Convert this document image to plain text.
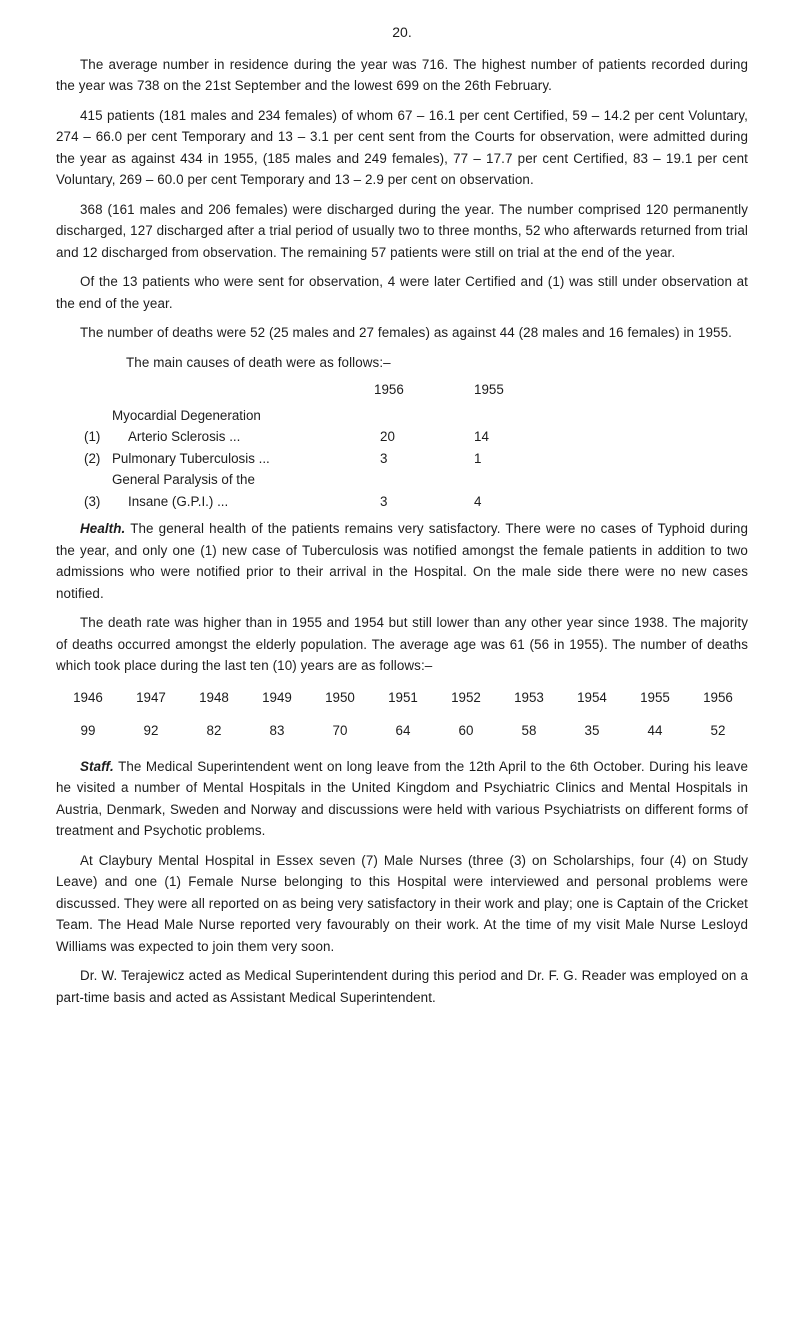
20.

The average number in residence during the year was 716. The highest number of patients recorded during the year was 738 on the 21st September and the lowest 699 on the 26th February.

415 patients (181 males and 234 females) of whom 67 – 16.1 per cent Certified, 59 – 14.2 per cent Voluntary, 274 – 66.0 per cent Temporary and 13 – 3.1 per cent sent from the Courts for observation, were admitted during the year as against 434 in 1955, (185 males and 249 females), 77 – 17.7 per cent Certified, 83 – 19.1 per cent Voluntary, 269 – 60.0 per cent Temporary and 13 – 2.9 per cent on observation.

368 (161 males and 206 females) were discharged during the year. The number comprised 120 permanently discharged, 127 discharged after a trial period of usually two to three months, 52 who afterwards returned from trial and 12 discharged from observation. The remaining 57 patients were still on trial at the end of the year.

Of the 13 patients who were sent for observation, 4 were later Certified and (1) was still under observation at the end of the year.

The number of deaths were 52 (25 males and 27 females) as against 44 (28 males and 16 females) in 1955.

The main causes of death were as follows:–

1956	1955
(1)
Myocardial Degeneration
Arterio Sclerosis ...	20	14
(2) Pulmonary Tuberculosis ...	3	1
(3)
General Paralysis of the
Insane (G.P.I.) ...	3	4

Health. The general health of the patients remains very satisfactory. There were no cases of Typhoid during the year, and only one (1) new case of Tuberculosis was notified amongst the female patients in addition to two admissions who were notified prior to their arrival in the Hospital. On the male side there were no new cases notified.

The death rate was higher than in 1955 and 1954 but still lower than any other year since 1938. The majority of deaths occurred amongst the elderly population. The average age was 61 (56 in 1955). The number of deaths which took place during the last ten (10) years are as follows:–

1946	1947	1948	1949	1950	1951	1952	1953	1954	1955	1956
99	92	82	83	70	64	60	58	35	44	52

Staff. The Medical Superintendent went on long leave from the 12th April to the 6th October. During his leave he visited a number of Mental Hospitals in the United Kingdom and Psychiatric Clinics and Mental Hospitals in Austria, Denmark, Sweden and Norway and discussions were held with various Psychiatrists on different forms of treatment and Psychotic problems.

At Claybury Mental Hospital in Essex seven (7) Male Nurses (three (3) on Scholarships, four (4) on Study Leave) and one (1) Female Nurse belonging to this Hospital were interviewed and personal problems were discussed. They were all reported on as being very satisfactory in their work and play; one is Captain of the Cricket Team. The Head Male Nurse reported very favourably on their work. At the time of my visit Male Nurse Lesloyd Williams was expected to join them very soon.

Dr. W. Terajewicz acted as Medical Superintendent during this period and Dr. F. G. Reader was employed on a part-time basis and acted as Assistant Medical Superintendent.
